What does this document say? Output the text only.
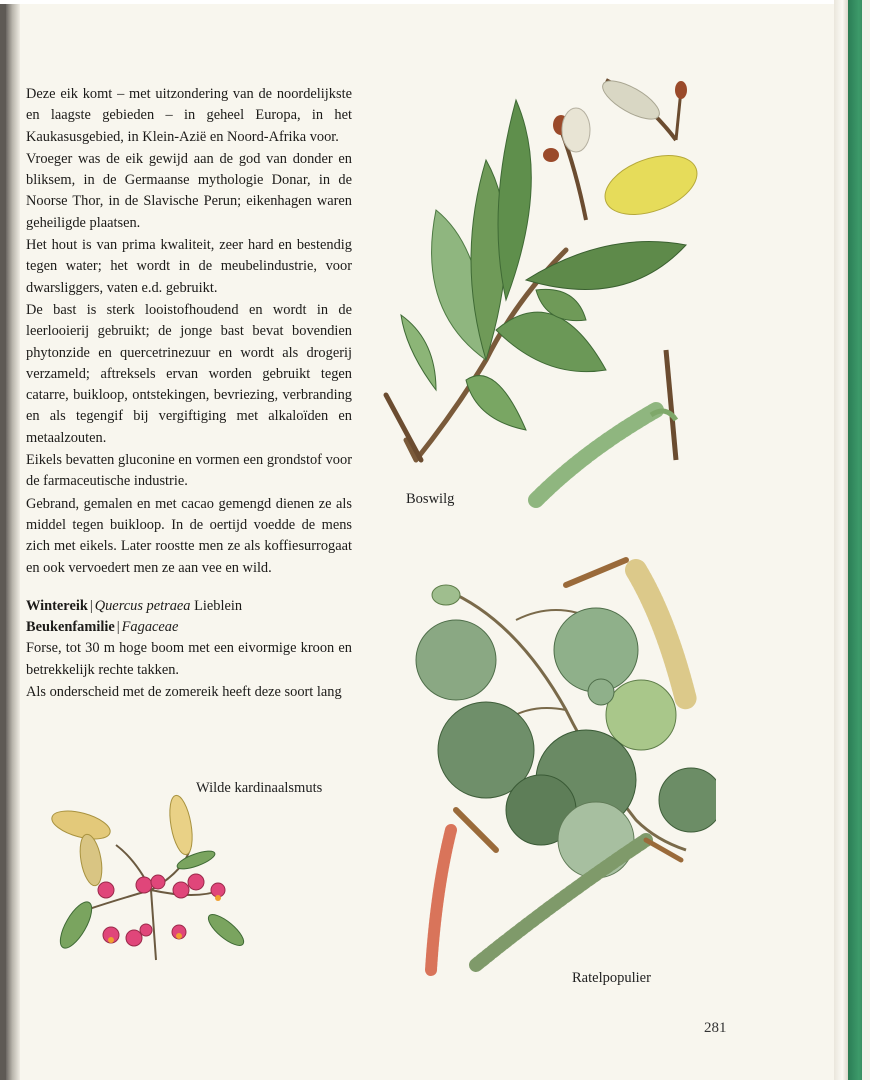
Deze eik komt – met uitzondering van de noordelijkste en laagste gebieden – in geheel Europa, in het Kaukasusgebied, in Klein-Azië en Noord-Afrika voor.

Vroeger was de eik gewijd aan de god van donder en bliksem, in de Germaanse mythologie Donar, in de Noorse Thor, in de Slavische Perun; eikenhagen waren geheiligde plaatsen.

Het hout is van prima kwaliteit, zeer hard en bestendig tegen water; het wordt in de meubelindustrie, voor dwarsliggers, vaten e.d. gebruikt.

De bast is sterk looistofhoudend en wordt in de leerlooierij gebruikt; de jonge bast bevat bovendien phytonzide en quercetrinezuur en wordt als drogerij verzameld; aftreksels ervan worden gebruikt tegen catarre, buikloop, ontstekingen, bevriezing, verbranding en als tegengif bij vergiftiging met alkaloïden en metaalzouten.

Eikels bevatten gluconine en vormen een grondstof voor de farmaceutische industrie.

Gebrand, gemalen en met cacao gemengd dienen ze als middel tegen buikloop. In de oertijd voedde de mens zich met eikels. Later roostte men ze als koffiesurrogaat en ook vervoedert men ze aan vee en wild.

Wintereik | Quercus petraea Lieblein

Beukenfamilie | Fagaceae

Forse, tot 30 m hoge boom met een eivormige kroon en betrekkelijk rechte takken.

Als onderscheid met de zomereik heeft deze soort lang

Boswilg
Wilde kardinaalsmuts
Ratelpopulier
281
